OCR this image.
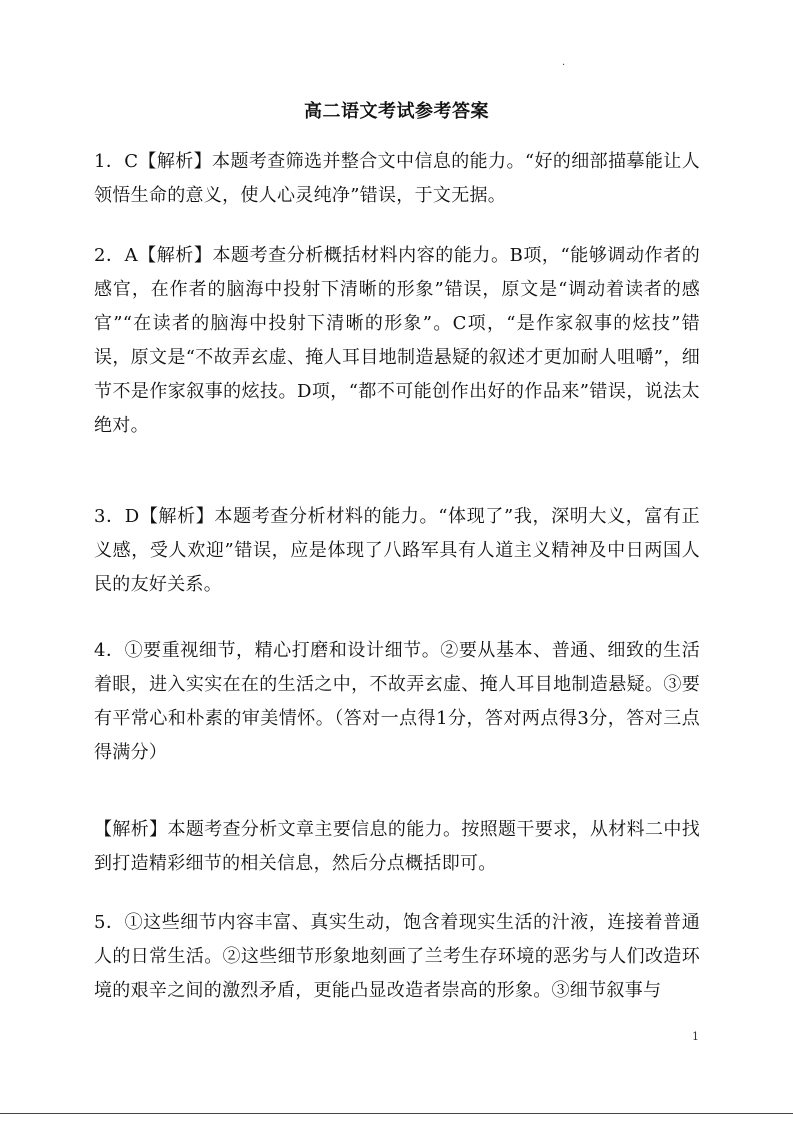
.
高二语文考试参考答案

1．C【解析】本题考查筛选并整合文中信息的能力。“好的细部描摹能让人领悟生命的意义，使人心灵纯净”错误，于文无据。

2．A【解析】本题考查分析概括材料内容的能力。B项，“能够调动作者的感官，在作者的脑海中投射下清晰的形象”错误，原文是“调动着读者的感官”“在读者的脑海中投射下清晰的形象”。C项，“是作家叙事的炫技”错误，原文是“不故弄玄虚、掩人耳目地制造悬疑的叙述才更加耐人咀嚼”，细节不是作家叙事的炫技。D项，“都不可能创作出好的作品来”错误，说法太绝对。

3．D【解析】本题考查分析材料的能力。“体现了”我，深明大义，富有正义感，受人欢迎”错误，应是体现了八路军具有人道主义精神及中日两国人民的友好关系。

4．①要重视细节，精心打磨和设计细节。②要从基本、普通、细致的生活着眼，进入实实在在的生活之中，不故弄玄虚、掩人耳目地制造悬疑。③要有平常心和朴素的审美情怀。（答对一点得1分，答对两点得3分，答对三点得满分）

【解析】本题考查分析文章主要信息的能力。按照题干要求，从材料二中找到打造精彩细节的相关信息，然后分点概括即可。

5．①这些细节内容丰富、真实生动，饱含着现实生活的汁液，连接着普通人的日常生活。②这些细节形象地刻画了兰考生存环境的恶劣与人们改造环境的艰辛之间的激烈矛盾，更能凸显改造者崇高的形象。③细节叙事与

1
